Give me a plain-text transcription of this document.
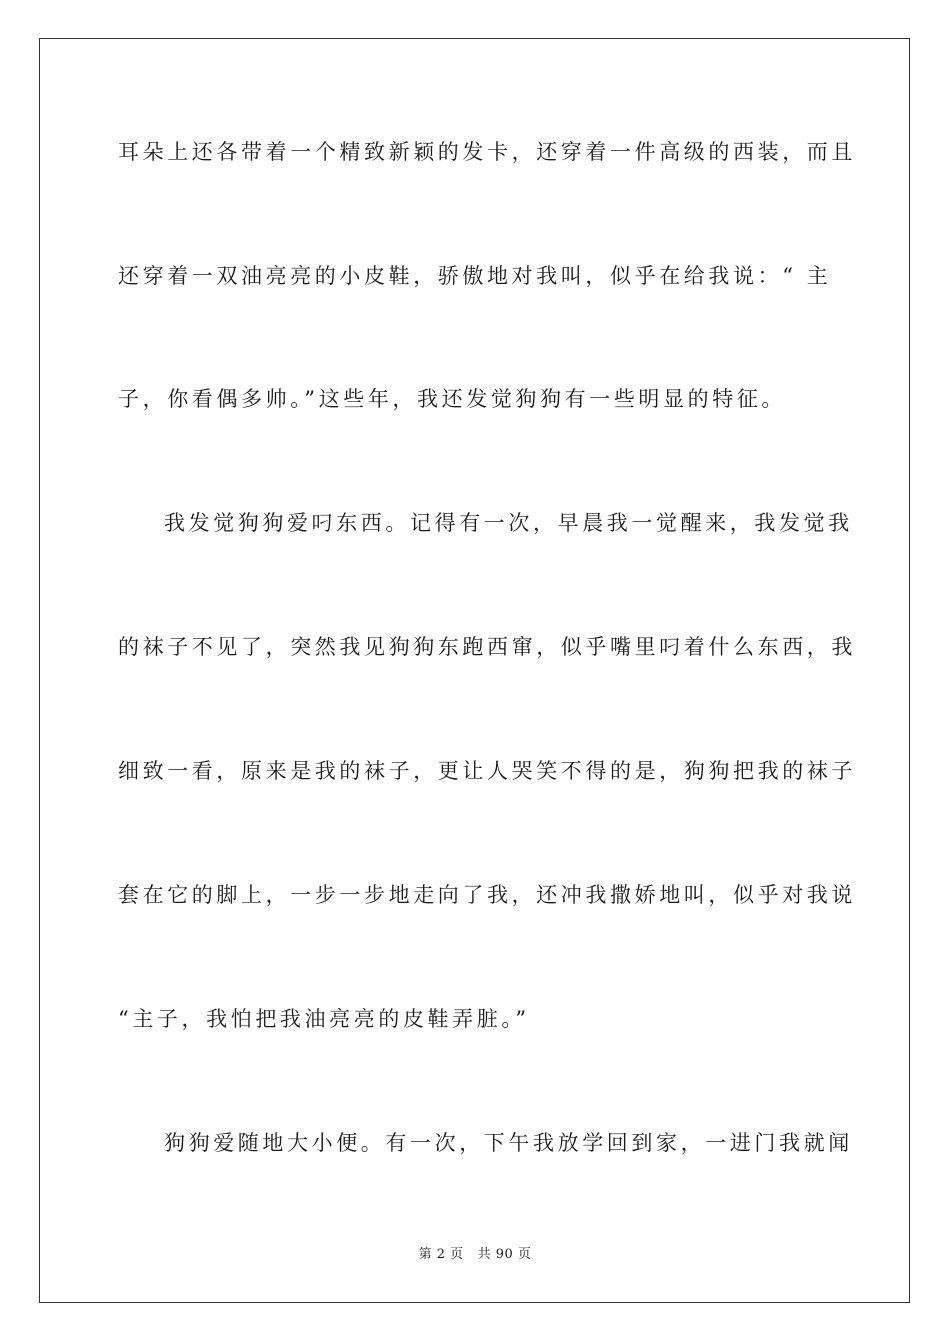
耳朵上还各带着一个精致新颖的发卡，还穿着一件高级的西装，而且
还穿着一双油亮亮的小皮鞋，骄傲地对我叫，似乎在给我说：“ 主
子，你看偶多帅。”这些年，我还发觉狗狗有一些明显的特征。
我发觉狗狗爱叼东西。记得有一次，早晨我一觉醒来，我发觉我
的袜子不见了，突然我见狗狗东跑西窜，似乎嘴里叼着什么东西，我
细致一看，原来是我的袜子，更让人哭笑不得的是，狗狗把我的袜子
套在它的脚上，一步一步地走向了我，还冲我撒娇地叫，似乎对我说
“主子，我怕把我油亮亮的皮鞋弄脏。”
狗狗爱随地大小便。有一次，下午我放学回到家，一进门我就闻
第 2 页 共 90 页
